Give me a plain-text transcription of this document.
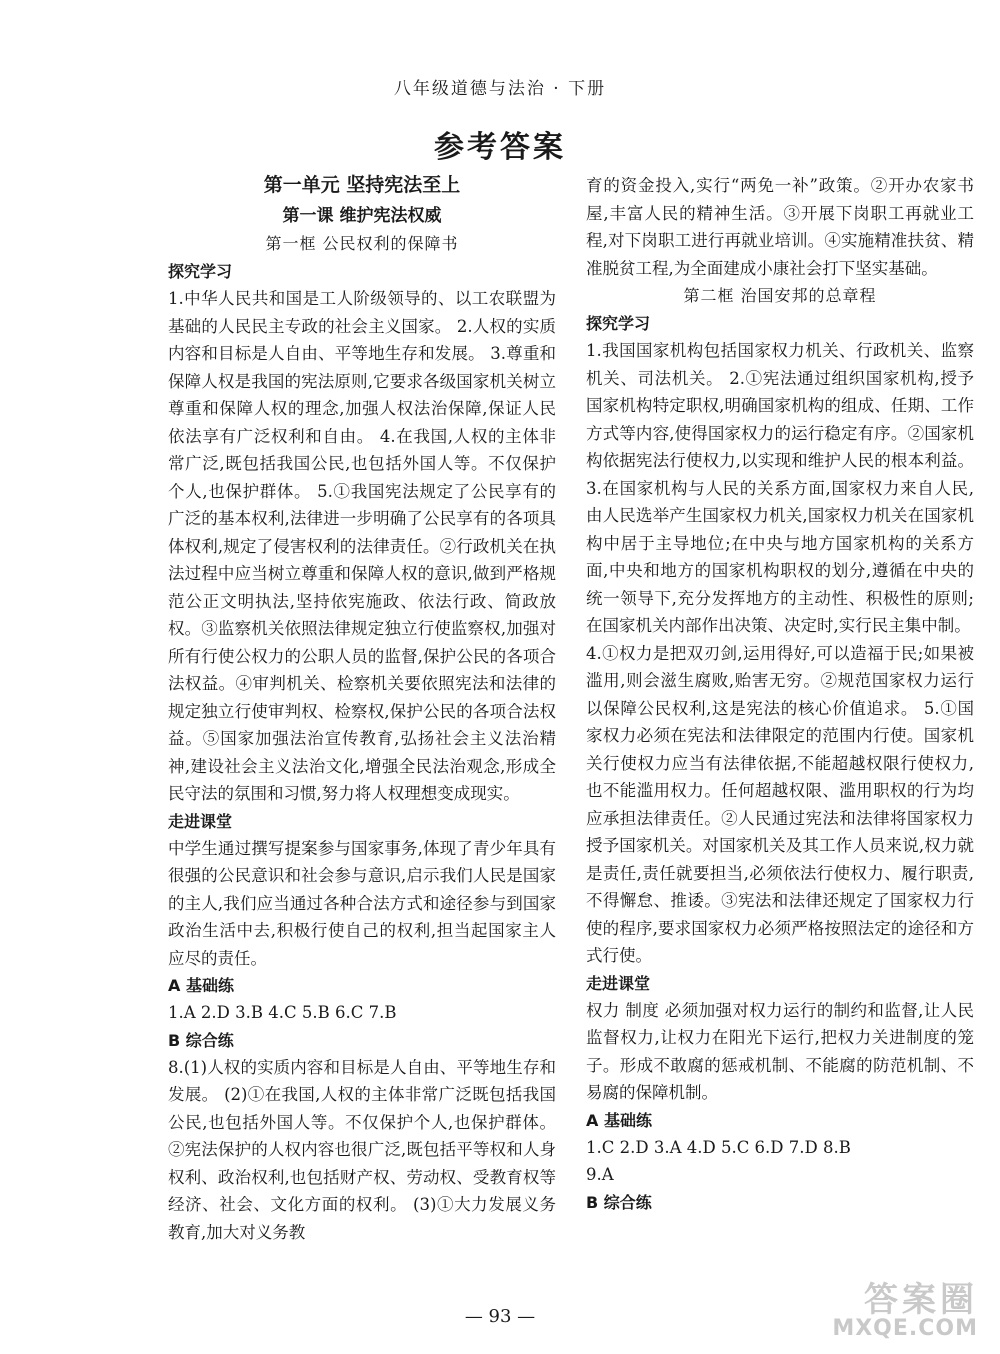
八年级道德与法治 · 下册
参考答案
第一单元 坚持宪法至上
第一课 维护宪法权威
第一框 公民权利的保障书
探究学习

1.中华人民共和国是工人阶级领导的、以工农联盟为基础的人民民主专政的社会主义国家。 2.人权的实质内容和目标是人自由、平等地生存和发展。 3.尊重和保障人权是我国的宪法原则,它要求各级国家机关树立尊重和保障人权的理念,加强人权法治保障,保证人民依法享有广泛权利和自由。 4.在我国,人权的主体非常广泛,既包括我国公民,也包括外国人等。不仅保护个人,也保护群体。 5.①我国宪法规定了公民享有的广泛的基本权利,法律进一步明确了公民享有的各项具体权利,规定了侵害权利的法律责任。②行政机关在执法过程中应当树立尊重和保障人权的意识,做到严格规范公正文明执法,坚持依宪施政、依法行政、简政放权。③监察机关依照法律规定独立行使监察权,加强对所有行使公权力的公职人员的监督,保护公民的各项合法权益。④审判机关、检察机关要依照宪法和法律的规定独立行使审判权、检察权,保护公民的各项合法权益。⑤国家加强法治宣传教育,弘扬社会主义法治精神,建设社会主义法治文化,增强全民法治观念,形成全民守法的氛围和习惯,努力将人权理想变成现实。

走进课堂

中学生通过撰写提案参与国家事务,体现了青少年具有很强的公民意识和社会参与意识,启示我们人民是国家的主人,我们应当通过各种合法方式和途径参与到国家政治生活中去,积极行使自己的权利,担当起国家主人应尽的责任。

A 基础练

1.A 2.D 3.B 4.C 5.B 6.C 7.B

B 综合练

8.(1)人权的实质内容和目标是人自由、平等地生存和发展。 (2)①在我国,人权的主体非常广泛既包括我国公民,也包括外国人等。不仅保护个人,也保护群体。②宪法保护的人权内容也很广泛,既包括平等权和人身权利、政治权利,也包括财产权、劳动权、受教育权等经济、社会、文化方面的权利。 (3)①大力发展义务教育,加大对义务教

育的资金投入,实行“两免一补”政策。②开办农家书屋,丰富人民的精神生活。③开展下岗职工再就业工程,对下岗职工进行再就业培训。④实施精准扶贫、精准脱贫工程,为全面建成小康社会打下坚实基础。

第二框 治国安邦的总章程
探究学习

1.我国国家机构包括国家权力机关、行政机关、监察机关、司法机关。 2.①宪法通过组织国家机构,授予国家机构特定职权,明确国家机构的组成、任期、工作方式等内容,使得国家权力的运行稳定有序。②国家机构依据宪法行使权力,以实现和维护人民的根本利益。 3.在国家机构与人民的关系方面,国家权力来自人民,由人民选举产生国家权力机关,国家权力机关在国家机构中居于主导地位;在中央与地方国家机构的关系方面,中央和地方的国家机构职权的划分,遵循在中央的统一领导下,充分发挥地方的主动性、积极性的原则;在国家机关内部作出决策、决定时,实行民主集中制。

4.①权力是把双刃剑,运用得好,可以造福于民;如果被滥用,则会滋生腐败,贻害无穷。②规范国家权力运行以保障公民权利,这是宪法的核心价值追求。 5.①国家权力必须在宪法和法律限定的范围内行使。国家机关行使权力应当有法律依据,不能超越权限行使权力,也不能滥用权力。任何超越权限、滥用职权的行为均应承担法律责任。②人民通过宪法和法律将国家权力授予国家机关。对国家机关及其工作人员来说,权力就是责任,责任就要担当,必须依法行使权力、履行职责,不得懈怠、推诿。③宪法和法律还规定了国家权力行使的程序,要求国家权力必须严格按照法定的途径和方式行使。

走进课堂

权力 制度 必须加强对权力运行的制约和监督,让人民监督权力,让权力在阳光下运行,把权力关进制度的笼子。形成不敢腐的惩戒机制、不能腐的防范机制、不易腐的保障机制。

A 基础练

1.C 2.D 3.A 4.D 5.C 6.D 7.D 8.B

9.A

B 综合练
— 93 —	答案圈
MXQE.COM
